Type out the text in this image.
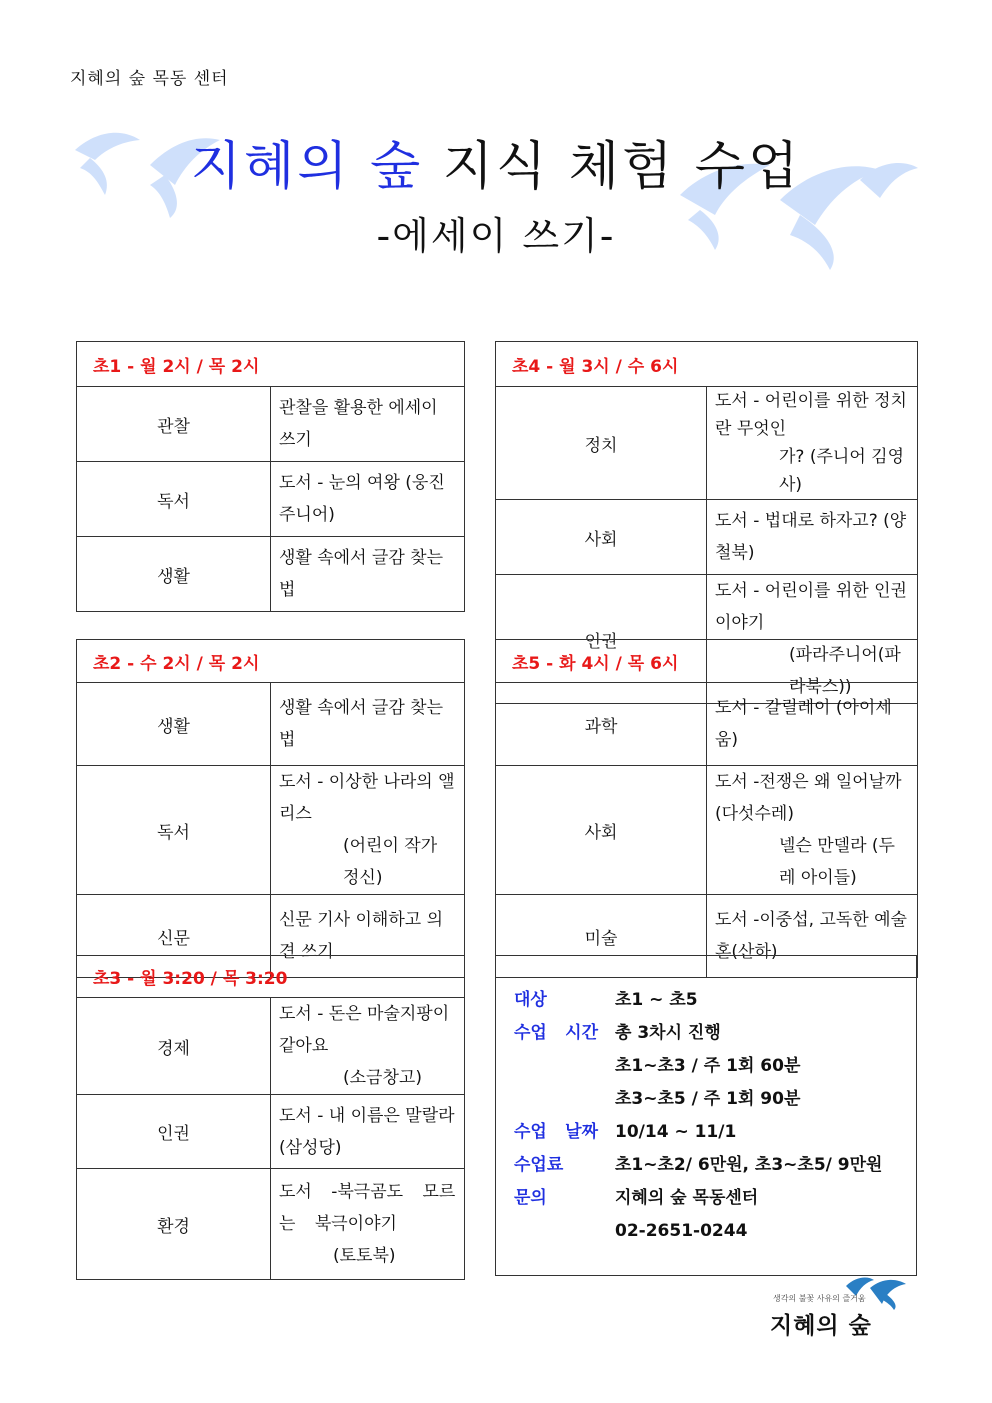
지혜의 숲 목동 센터
지혜의 숲 지식 체험 수업
-에세이 쓰기-
초1 - 월 2시 / 목 2시	
관찰	관찰을 활용한 에세이 쓰기
독서	도서 - 눈의 여왕 (웅진 주니어)
생활	생활 속에서 글감 찾는 법
초4 - 월 3시 / 수 6시	
정치	도서 - 어린이를 위한 정치란 무엇인
가? (주니어 김영사)

사회	도서 - 법대로 하자고? (양철북)
인권	도서 - 어린이를 위한 인권 이야기
(파라주니어(파라북스))
초2 - 수 2시 / 목 2시	
생활	생활 속에서 글감 찾는 법
독서	도서 - 이상한 나라의 앨리스
(어린이 작가 정신)

신문	신문 기사 이해하고 의견 쓰기
초5 - 화 4시 / 목 6시	
과학	도서 - 갈릴레이 (아이세움)
사회	도서 -전쟁은 왜 일어날까(다섯수레)
넬슨 만델라 (두레 아이들)

미술	도서 -이중섭, 고독한 예술혼(산하)
초3 - 월 3:20 / 목 3:20	
경제	도서 - 돈은 마술지팡이 같아요
(소금창고)

인권	도서 - 내 이름은 말랄라 (삼성당)
환경	도서 -북극곰도 모르는 북극이야기
(토토북)
대상	초1 ~ 초5
수업 시간 총 3차시 진행
초1~초3 / 주 1회 60분
초3~초5 / 주 1회 90분
수업 날짜 10/14 ~ 11/1
수업료	초1~초2/ 6만원, 초3~초5/ 9만원
문의	지혜의 숲 목동센터
02-2651-0244
생각의 불꽃 사유의 즐거움
지혜의 숲
